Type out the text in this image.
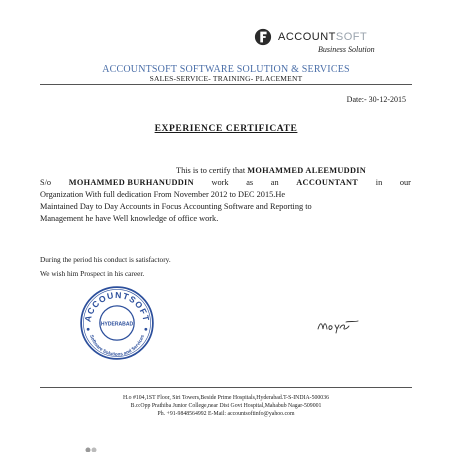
ACCOUNTSOFT
Business Solution
ACCOUNTSOFT SOFTWARE SOLUTION & SERVICES
SALES-SERVICE- TRAINING- PLACEMENT
Date:- 30-12-2015
EXPERIENCE CERTIFICATE
This is to certify that MOHAMMED ALEEMUDDIN
S/o MOHAMMED BURHANUDDIN work as an ACCOUNTANT in our
Organization With full dedication From November 2012 to DEC 2015.He
Maintained Day to Day Accounts in Focus Accounting Software and Reporting to
Management he have Well knowledge of office work.
During the period his conduct is satisfactory.
We wish him Prospect in his career.
ACCOUNTSOFT
HYDERABAD
Software Solutions and Services
H.o #104,1ST Floor, Siri Towers,Beside Prime Hospitals,Hyderabad.T-S-INDIA-500036
B.o:Opp Prathiba Junior College,near Dist Govt Hospital,Mahabub Nagar-509001
Ph. +91-9848564992 E-Mail: accountsoftinfo@yahoo.com
